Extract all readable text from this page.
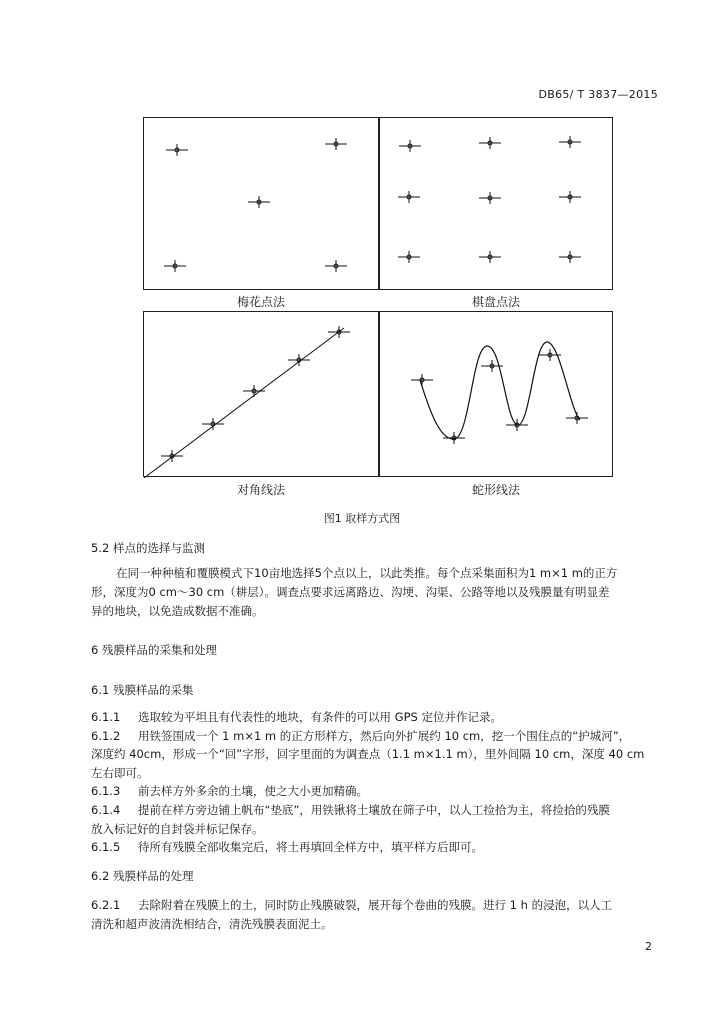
DB65/ T 3837—2015
梅花点法	棋盘点法
对角线法	蛇形线法
图1 取样方式图
5.2 样点的选择与监测
在同一种种植和覆膜模式下10亩地选择5个点以上，以此类推。每个点采集面积为1 m×1 m的正方
形，深度为0 cm～30 cm（耕层）。调查点要求远离路边、沟埂、沟渠、公路等地以及残膜量有明显差
异的地块，以免造成数据不准确。
6 残膜样品的采集和处理
6.1 残膜样品的采集
6.1.1 选取较为平坦且有代表性的地块，有条件的可以用 GPS 定位并作记录。
6.1.2 用铁签围成一个 1 m×1 m 的正方形样方，然后向外扩展约 10 cm，挖一个围住点的“护城河”，
深度约 40cm，形成一个“回”字形，回字里面的为调查点（1.1 m×1.1 m），里外间隔 10 cm，深度 40 cm
左右即可。
6.1.3 前去样方外多余的土壤，使之大小更加精确。
6.1.4 提前在样方旁边铺上帆布“垫底”，用铁锹将土壤放在筛子中，以人工捡拾为主，将捡拾的残膜
放入标记好的自封袋并标记保存。
6.1.5 待所有残膜全部收集完后，将土再填回全样方中，填平样方后即可。
6.2 残膜样品的处理
6.2.1 去除附着在残膜上的土，同时防止残膜破裂，展开每个卷曲的残膜。进行 1 h 的浸泡，以人工
清洗和超声波清洗相结合，清洗残膜表面泥土。
2
